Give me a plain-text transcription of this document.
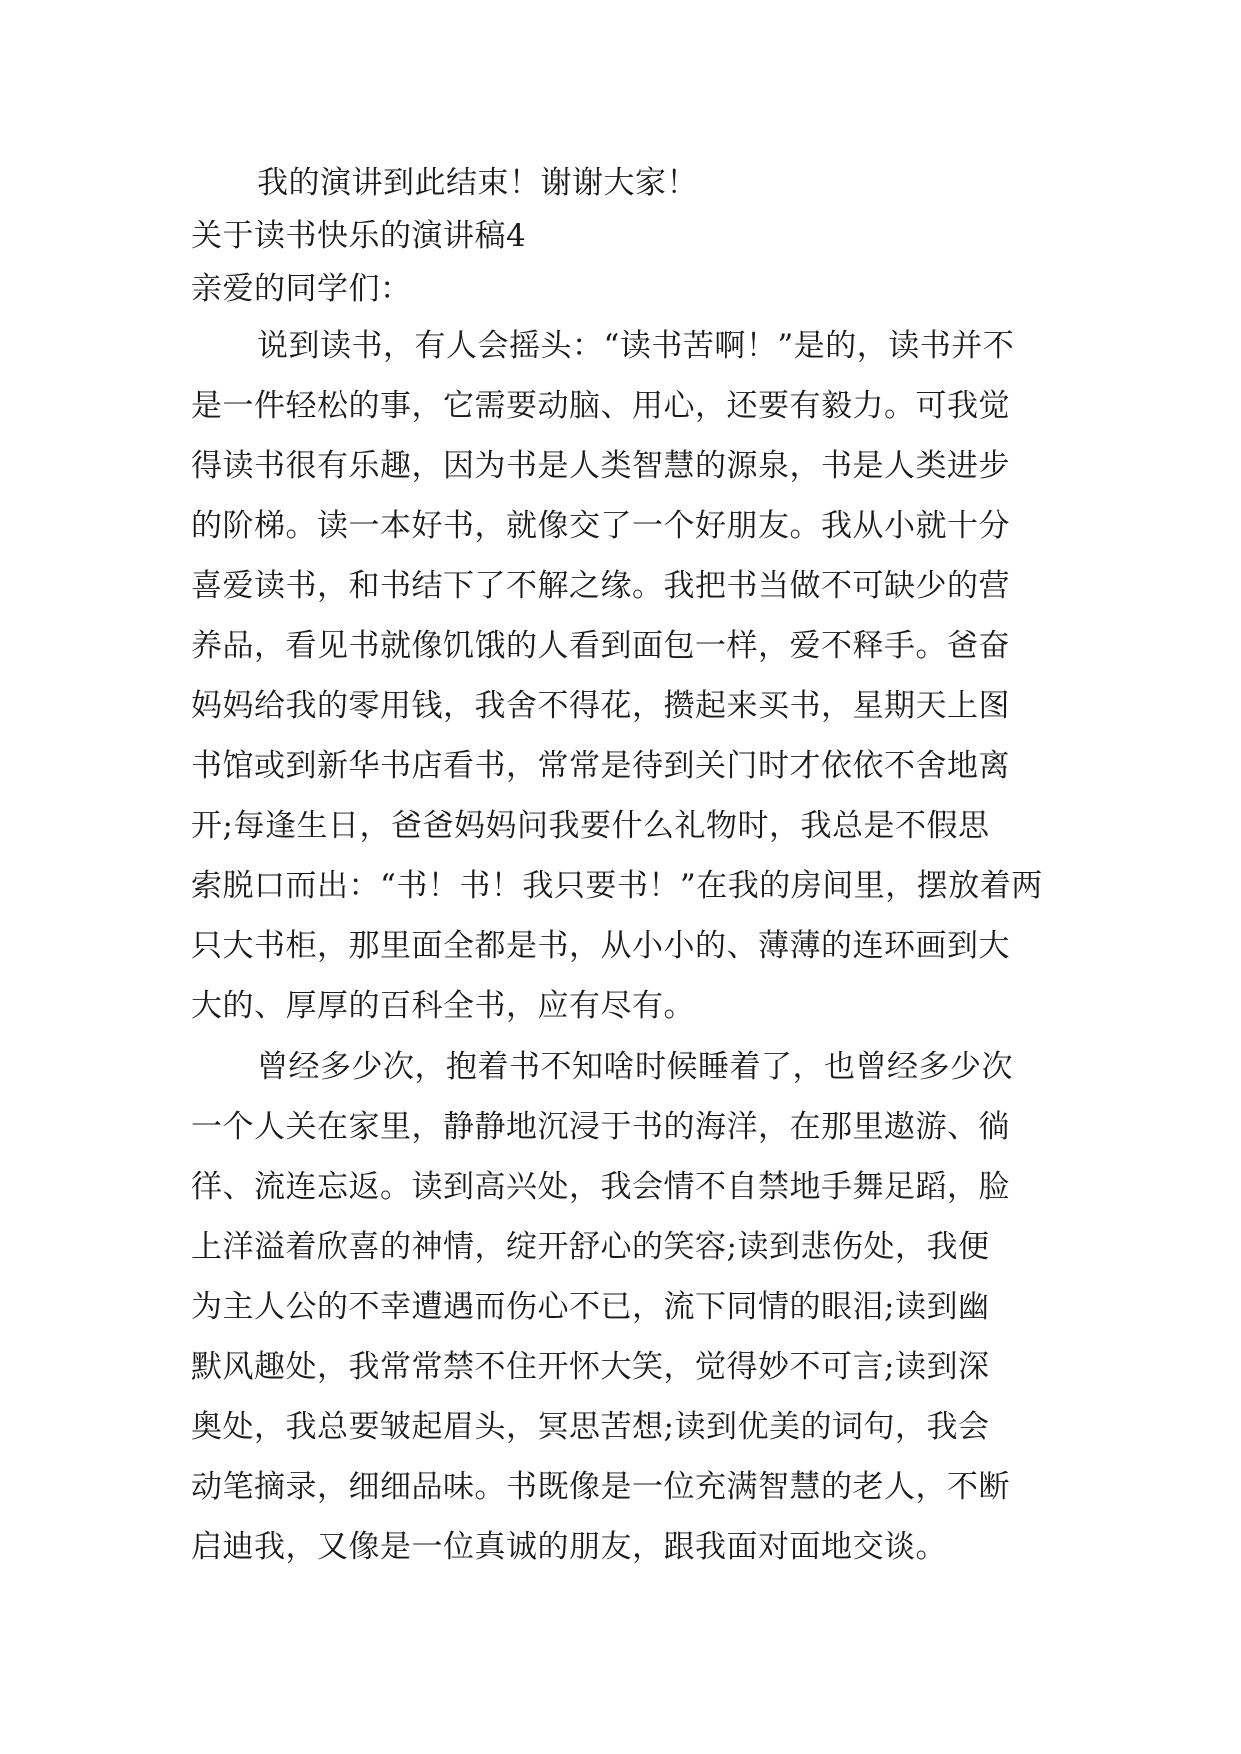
我的演讲到此结束！谢谢大家！
关于读书快乐的演讲稿4
亲爱的同学们：
说到读书，有人会摇头：“读书苦啊！”是的，读书并不
是一件轻松的事，它需要动脑、用心，还要有毅力。可我觉
得读书很有乐趣，因为书是人类智慧的源泉，书是人类进步
的阶梯。读一本好书，就像交了一个好朋友。我从小就十分
喜爱读书，和书结下了不解之缘。我把书当做不可缺少的营
养品，看见书就像饥饿的人看到面包一样，爱不释手。爸奋
妈妈给我的零用钱，我舍不得花，攒起来买书，星期天上图
书馆或到新华书店看书，常常是待到关门时才依依不舍地离
开;每逢生日，爸爸妈妈问我要什么礼物时，我总是不假思
索脱口而出：“书！书！我只要书！”在我的房间里，摆放着两
只大书柜，那里面全都是书，从小小的、薄薄的连环画到大
大的、厚厚的百科全书，应有尽有。
曾经多少次，抱着书不知啥时候睡着了，也曾经多少次
一个人关在家里，静静地沉浸于书的海洋，在那里遨游、徜
徉、流连忘返。读到高兴处，我会情不自禁地手舞足蹈，脸
上洋溢着欣喜的神情，绽开舒心的笑容;读到悲伤处，我便
为主人公的不幸遭遇而伤心不已，流下同情的眼泪;读到幽
默风趣处，我常常禁不住开怀大笑，觉得妙不可言;读到深
奥处，我总要皱起眉头，冥思苦想;读到优美的词句，我会
动笔摘录，细细品味。书既像是一位充满智慧的老人，不断
启迪我，又像是一位真诚的朋友，跟我面对面地交谈。
